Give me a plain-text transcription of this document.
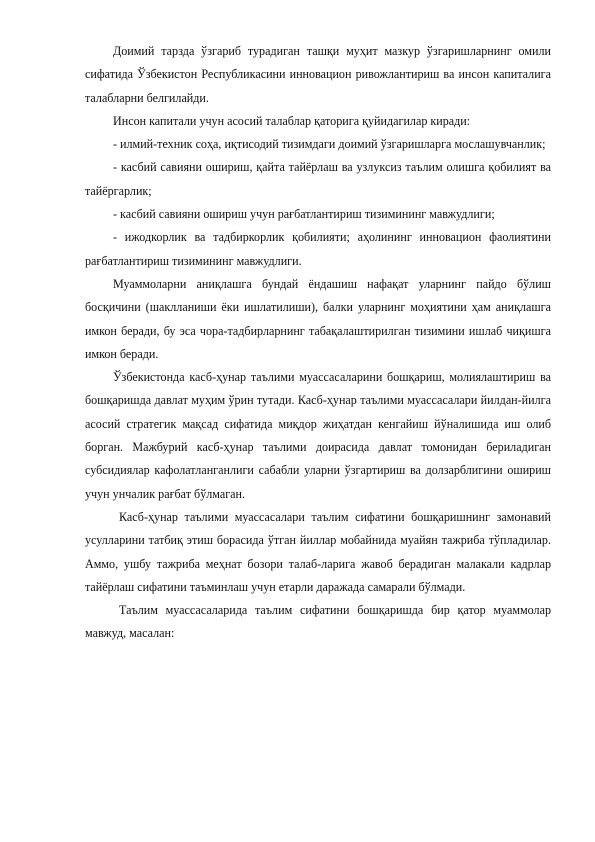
Доимий тарзда ўзгариб турадиган ташқи муҳит мазкур ўзгаришларнинг омили сифатида Ўзбекистон Республикасини инновацион ривожлантириш ва инсон капиталига талабларни белгилайди.

Инсон капитали учун асосий талаблар қаторига қуйидагилар киради:

- илмий-техник соҳа, иқтисодий тизимдаги доимий ўзгаришларга мослашувчанлик;

- касбий савияни ошириш, қайта тайёрлаш ва узлуксиз таълим олишга қобилият ва тайёргарлик;

- касбий савияни ошириш учун рағбатлантириш тизимининг мавжудлиги;

- ижодкорлик ва тадбиркорлик қобилияти; аҳолининг инновацион фаолиятини рағбатлантириш тизимининг мавжудлиги.

Муаммоларни аниқлашга бундай ёндашиш нафақат уларнинг пайдо бўлиш босқичини (шаклланиши ёки ишлатилиши), балки уларнинг моҳиятини ҳам аниқлашга имкон беради, бу эса чора-тадбирларнинг табақалаштирилган тизимини ишлаб чиқишга имкон беради.

Ўзбекистонда касб-ҳунар таълими муассасаларини бошқариш, молиялаштириш ва бошқаришда давлат муҳим ўрин тутади. Касб-ҳунар таълими муассасалари йилдан-йилга асосий стратегик мақсад сифатида миқдор жиҳатдан кенгайиш йўналишида иш олиб борган. Мажбурий касб-ҳунар таълими доирасида давлат томонидан бериладиган субсидиялар кафолатланганлиги сабабли уларни ўзгартириш ва долзарблигини ошириш учун унчалик рағбат бўлмаган.

Касб-ҳунар таълими муассасалари таълим сифатини бошқаришнинг замонавий усулларини татбиқ этиш борасида ўтган йиллар мобайнида муайян тажриба тўпладилар. Аммо, ушбу тажриба меҳнат бозори талаб-ларига жавоб берадиган малакали кадрлар тайёрлаш сифатини таъминлаш учун етарли даражада самарали бўлмади.

Таълим муассасаларида таълим сифатини бошқаришда бир қатор муаммолар мавжуд, масалан:
